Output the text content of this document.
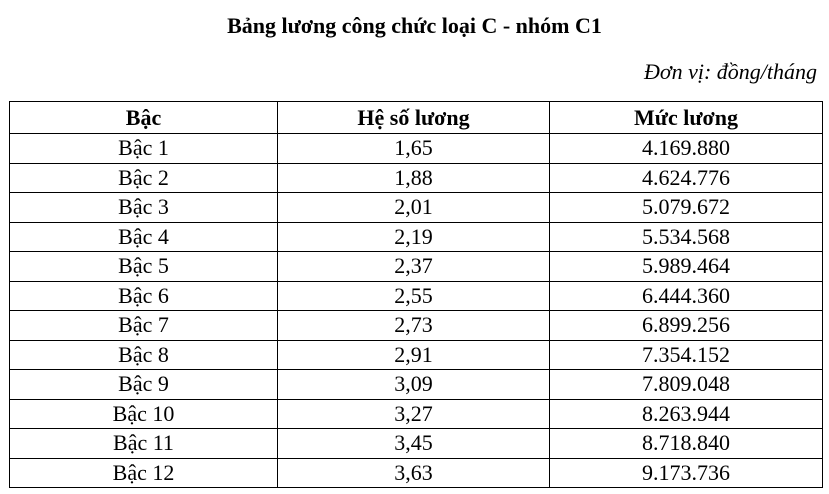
Bảng lương công chức loại C - nhóm C1

Đơn vị: đồng/tháng

Bậc	Hệ số lương	Mức lương
Bậc 1	1,65	4.169.880
Bậc 2	1,88	4.624.776
Bậc 3	2,01	5.079.672
Bậc 4	2,19	5.534.568
Bậc 5	2,37	5.989.464
Bậc 6	2,55	6.444.360
Bậc 7	2,73	6.899.256
Bậc 8	2,91	7.354.152
Bậc 9	3,09	7.809.048
Bậc 10	3,27	8.263.944
Bậc 11	3,45	8.718.840
Bậc 12	3,63	9.173.736
